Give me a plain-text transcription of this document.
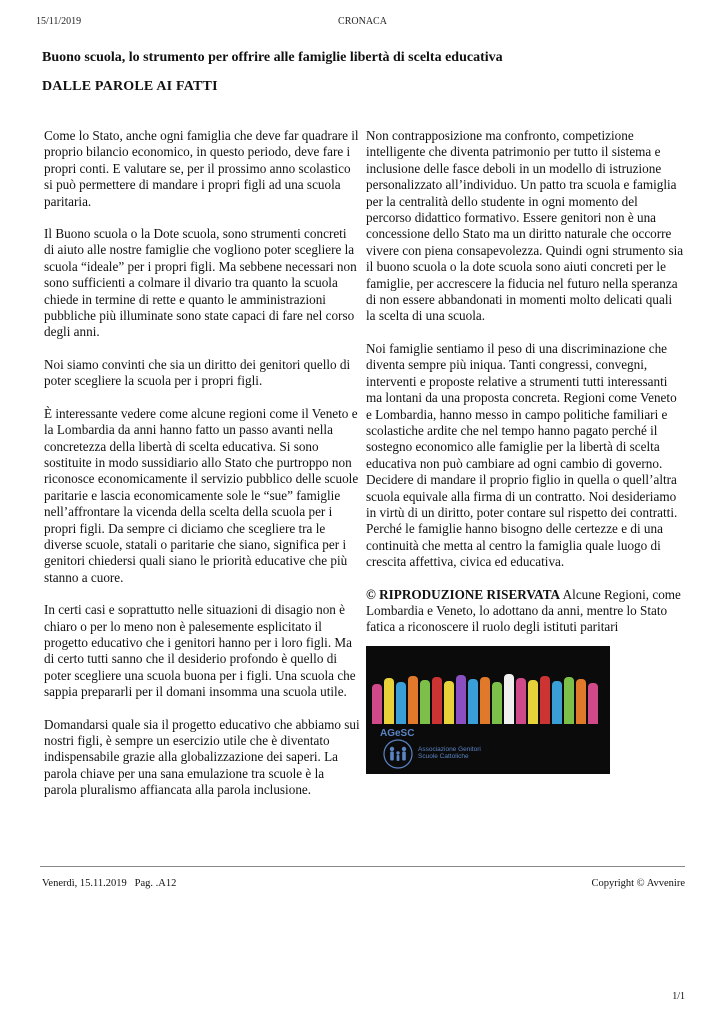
15/11/2019	CRONACA
Buono scuola, lo strumento per offrire alle famiglie libertà di scelta educativa
DALLE PAROLE AI FATTI

Come lo Stato, anche ogni famiglia che deve far quadrare il proprio bilancio economico, in questo periodo, deve fare i propri conti. E valutare se, per il prossimo anno scolastico si può permettere di mandare i propri figli ad una scuola paritaria.

Il Buono scuola o la Dote scuola, sono strumenti concreti di aiuto alle nostre famiglie che vogliono poter scegliere la scuola “ideale” per i propri figli. Ma sebbene necessari non sono sufficienti a colmare il divario tra quanto la scuola chiede in termine di rette e quanto le amministrazioni pubbliche più illuminate sono state capaci di fare nel corso degli anni.

Noi siamo convinti che sia un diritto dei genitori quello di poter scegliere la scuola per i propri figli.

È interessante vedere come alcune regioni come il Veneto e la Lombardia da anni hanno fatto un passo avanti nella concretezza della libertà di scelta educativa. Si sono sostituite in modo sussidiario allo Stato che purtroppo non riconosce economicamente il servizio pubblico delle scuole paritarie e lascia economicamente sole le “sue” famiglie nell’affrontare la vicenda della scelta della scuola per i propri figli. Da sempre ci diciamo che scegliere tra le diverse scuole, statali o paritarie che siano, significa per i genitori chiedersi quali siano le priorità educative che più stanno a cuore.

In certi casi e soprattutto nelle situazioni di disagio non è chiaro o per lo meno non è palesemente esplicitato il progetto educativo che i genitori hanno per i loro figli. Ma di certo tutti sanno che il desiderio profondo è quello di poter scegliere una scuola buona per i figli. Una scuola che sappia prepararli per il domani insomma una scuola utile.

Domandarsi quale sia il progetto educativo che abbiamo sui nostri figli, è sempre un esercizio utile che è diventato indispensabile grazie alla globalizzazione dei saperi. La parola chiave per una sana emulazione tra scuole è la parola pluralismo affiancata alla parola inclusione.

Non contrapposizione ma confronto, competizione intelligente che diventa patrimonio per tutto il sistema e inclusione delle fasce deboli in un modello di istruzione personalizzato all’individuo. Un patto tra scuola e famiglia per la centralità dello studente in ogni momento del percorso didattico formativo. Essere genitori non è una concessione dello Stato ma un diritto naturale che occorre vivere con piena consapevolezza. Quindi ogni strumento sia il buono scuola o la dote scuola sono aiuti concreti per le famiglie, per accrescere la fiducia nel futuro nella speranza di non essere abbandonati in momenti molto delicati quali la scelta di una scuola.

Noi famiglie sentiamo il peso di una discriminazione che diventa sempre più iniqua. Tanti congressi, convegni, interventi e proposte relative a strumenti tutti interessanti ma lontani da una proposta concreta. Regioni come Veneto e Lombardia, hanno messo in campo politiche familiari e scolastiche ardite che nel tempo hanno pagato perché il sostegno economico alle famiglie per la libertà di scelta educativa non può cambiare ad ogni cambio di governo. Decidere di mandare il proprio figlio in quella o quell’altra scuola equivale alla firma di un contratto. Noi desideriamo in virtù di un diritto, poter contare sul rispetto dei contratti. Perché le famiglie hanno bisogno delle certezze e di una continuità che metta al centro la famiglia quale luogo di crescita affettiva, civica ed educativa.

© RIPRODUZIONE RISERVATA Alcune Regioni, come Lombardia e Veneto, lo adottano da anni, mentre lo Stato fatica a riconoscere il ruolo degli istituti paritari

AGeSC
Associazione Genitori
Scuole Cattoliche
Venerdì, 15.11.2019   Pag. .A12	Copyright © Avvenire
1/1
